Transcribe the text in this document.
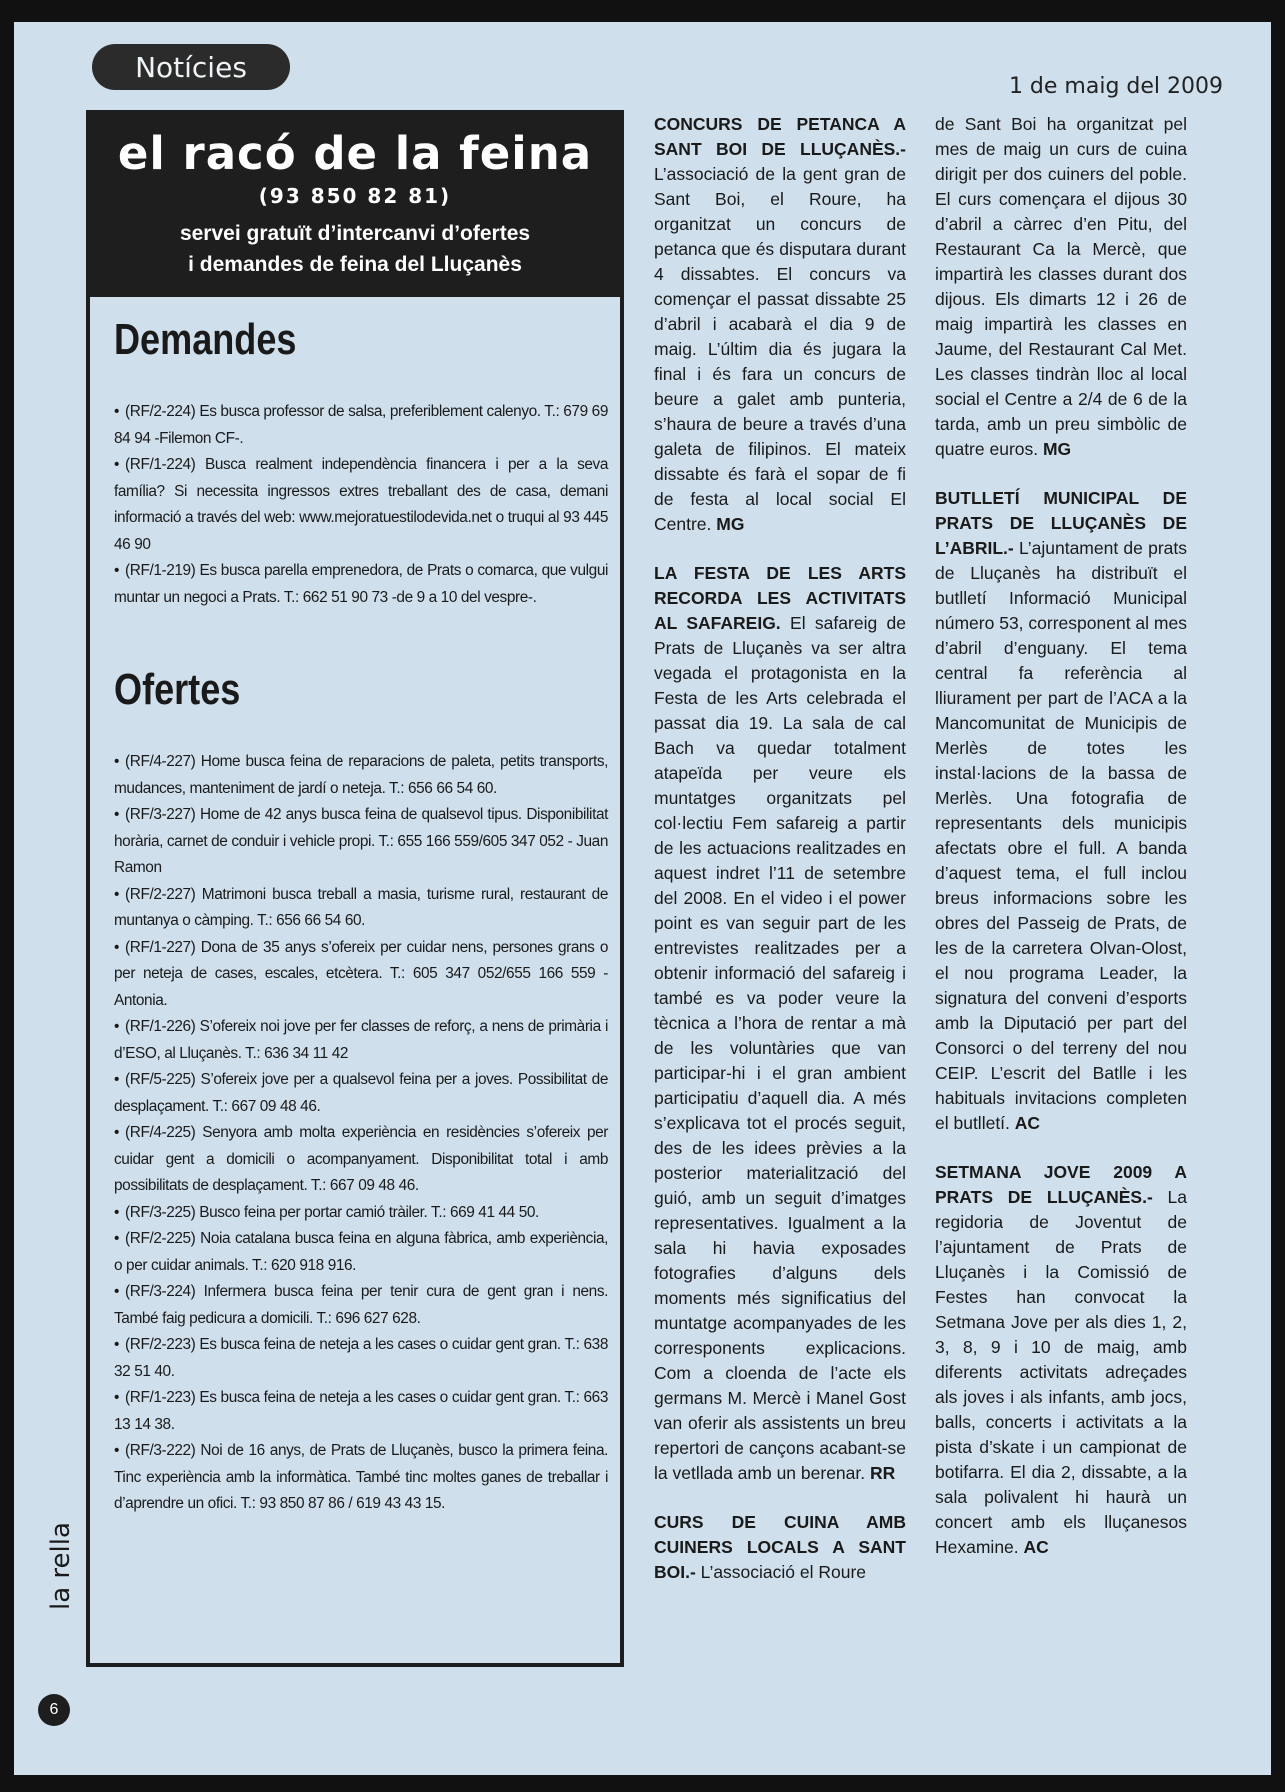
Notícies
1 de maig del 2009
el racó de la feina
(93 850 82 81)
servei gratuït d’intercanvi d’ofertes
i demandes de feina del Lluçanès
Demandes
• (RF/2-224) Es busca professor de salsa, preferiblement calenyo. T.: 679 69 84 94 -Filemon CF-.
• (RF/1-224) Busca realment independència financera i per a la seva família? Si necessita ingressos extres treballant des de casa, demani informació a través del web: www.mejoratuestilodevida.net o truqui al 93 445 46 90
• (RF/1-219) Es busca parella emprenedora, de Prats o comarca, que vulgui muntar un negoci a Prats. T.: 662 51 90 73 -de 9 a 10 del vespre-.
Ofertes
• (RF/4-227) Home busca feina de reparacions de paleta, petits transports, mudances, manteniment de jardí o neteja. T.: 656 66 54 60.
• (RF/3-227) Home de 42 anys busca feina de qualsevol tipus. Disponibilitat horària, carnet de conduir i vehicle propi. T.: 655 166 559/605 347 052 - Juan Ramon
• (RF/2-227) Matrimoni busca treball a masia, turisme rural, restaurant de muntanya o càmping. T.: 656 66 54 60.
• (RF/1-227) Dona de 35 anys s’ofereix per cuidar nens, persones grans o per neteja de cases, escales, etcètera. T.: 605 347 052/655 166 559 - Antonia.
• (RF/1-226) S’ofereix noi jove per fer classes de reforç, a nens de primària i d’ESO, al Lluçanès. T.: 636 34 11 42
• (RF/5-225) S’ofereix jove per a qualsevol feina per a joves. Possibilitat de desplaçament. T.: 667 09 48 46.
• (RF/4-225) Senyora amb molta experiència en residències s’ofereix per cuidar gent a domicili o acompanyament. Disponibilitat total i amb possibilitats de desplaçament. T.: 667 09 48 46.
• (RF/3-225) Busco feina per portar camió tràiler. T.: 669 41 44 50.
• (RF/2-225) Noia catalana busca feina en alguna fàbrica, amb experiència, o per cuidar animals. T.: 620 918 916.
• (RF/3-224) Infermera busca feina per tenir cura de gent gran i nens. També faig pedicura a domicili. T.: 696 627 628.
• (RF/2-223) Es busca feina de neteja a les cases o cuidar gent gran. T.: 638 32 51 40.
• (RF/1-223) Es busca feina de neteja a les cases o cuidar gent gran. T.: 663 13 14 38.
• (RF/3-222) Noi de 16 anys, de Prats de Lluçanès, busco la primera feina. Tinc experiència amb la informàtica. També tinc moltes ganes de treballar i d’aprendre un ofici. T.: 93 850 87 86 / 619 43 43 15.
CONCURS DE PETANCA A SANT BOI DE LLUÇANÈS.- L’associació de la gent gran de Sant Boi, el Roure, ha organitzat un concurs de petanca que és disputara durant 4 dissabtes. El concurs va començar el passat dissabte 25 d’abril i acabarà el dia 9 de maig. L’últim dia és jugara la final i és fara un concurs de beure a galet amb punteria, s’haura de beure a través d’una galeta de filipinos. El mateix dissabte és farà el sopar de fi de festa al local social El Centre. MG
LA FESTA DE LES ARTS RECORDA LES ACTIVITATS AL SAFAREIG. El safareig de Prats de Lluçanès va ser altra vegada el protagonista en la Festa de les Arts celebrada el passat dia 19. La sala de cal Bach va quedar totalment atapeïda per veure els muntatges organitzats pel col·lectiu Fem safareig a partir de les actuacions realitzades en aquest indret l’11 de setembre del 2008. En el video i el power point es van seguir part de les entrevistes realitzades per a obtenir informació del safareig i també es va poder veure la tècnica a l’hora de rentar a mà de les voluntàries que van participar-hi i el gran ambient participatiu d’aquell dia. A més s’explicava tot el procés seguit, des de les idees prèvies a la posterior materialització del guió, amb un seguit d’imatges representatives. Igualment a la sala hi havia exposades fotografies d’alguns dels moments més significatius del muntatge acompanyades de les corresponents explicacions. Com a cloenda de l’acte els germans M. Mercè i Manel Gost van oferir als assistents un breu repertori de cançons acabant-se la vetllada amb un berenar. RR
CURS DE CUINA AMB CUINERS LOCALS A SANT BOI.- L’associació el Roure
de Sant Boi ha organitzat pel mes de maig un curs de cuina dirigit per dos cuiners del poble. El curs començara el dijous 30 d’abril a càrrec d’en Pitu, del Restaurant Ca la Mercè, que impartirà les classes durant dos dijous. Els dimarts 12 i 26 de maig impartirà les classes en Jaume, del Restaurant Cal Met. Les classes tindràn lloc al local social el Centre a 2/4 de 6 de la tarda, amb un preu simbòlic de quatre euros. MG
BUTLLETÍ MUNICIPAL DE PRATS DE LLUÇANÈS DE L’ABRIL.- L’ajuntament de prats de Lluçanès ha distribuït el butlletí Informació Municipal número 53, corresponent al mes d’abril d’enguany. El tema central fa referència al lliurament per part de l’ACA a la Mancomunitat de Municipis de Merlès de totes les instal·lacions de la bassa de Merlès. Una fotografia de representants dels municipis afectats obre el full. A banda d’aquest tema, el full inclou breus informacions sobre les obres del Passeig de Prats, de les de la carretera Olvan-Olost, el nou programa Leader, la signatura del conveni d’esports amb la Diputació per part del Consorci o del terreny del nou CEIP. L’escrit del Batlle i les habituals invitacions completen el butlletí. AC
SETMANA JOVE 2009 A PRATS DE LLUÇANÈS.- La regidoria de Joventut de l’ajuntament de Prats de Lluçanès i la Comissió de Festes han convocat la Setmana Jove per als dies 1, 2, 3, 8, 9 i 10 de maig, amb diferents activitats adreçades als joves i als infants, amb jocs, balls, concerts i activitats a la pista d’skate i un campionat de botifarra. El dia 2, dissabte, a la sala polivalent hi haurà un concert amb els lluçanesos Hexamine. AC
la rella
6
